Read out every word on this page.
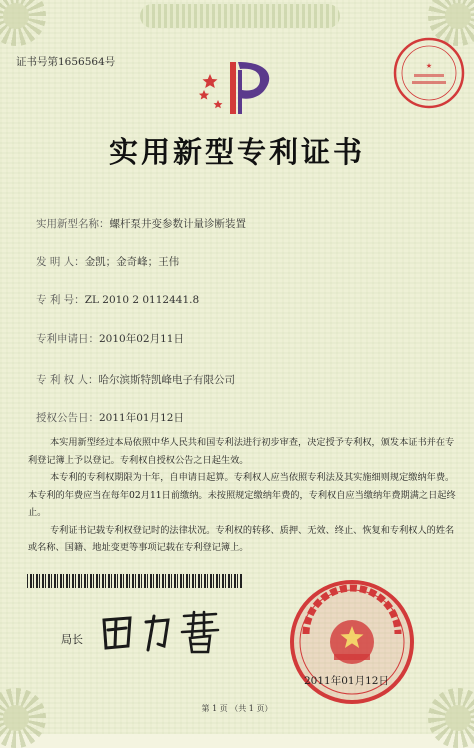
证书号第1656564号	★
实用新型专利证书
实用新型名称：螺杆泵井变参数计量诊断装置
发 明 人：金凯；金奇峰；王伟
专 利 号：ZL 2010 2 0112441.8
专利申请日：2010年02月11日
专 利 权 人：哈尔滨斯特凯峰电子有限公司
授权公告日：2011年01月12日

本实用新型经过本局依照中华人民共和国专利法进行初步审查，决定授予专利权，颁发本证书并在专利登记簿上予以登记。专利权自授权公告之日起生效。

本专利的专利权期限为十年，自申请日起算。专利权人应当依照专利法及其实施细则规定缴纳年费。本专利的年费应当在每年02月11日前缴纳。未按照规定缴纳年费的，专利权自应当缴纳年费期满之日起终止。

专利证书记载专利权登记时的法律状况。专利权的转移、质押、无效、终止、恢复和专利权人的姓名或名称、国籍、地址变更等事项记载在专利登记簿上。

局长
2011年01月12日
第 1 页 （共 1 页）
